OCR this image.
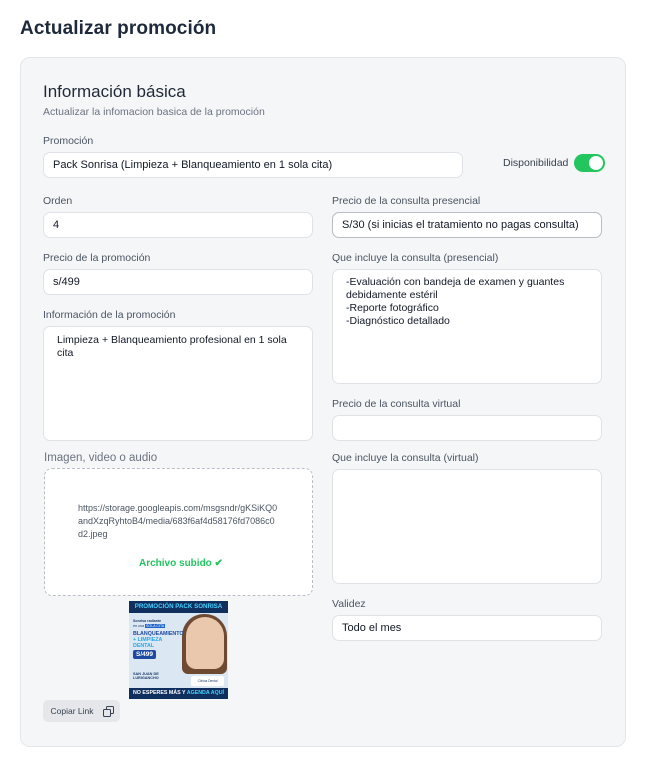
Actualizar promoción
Información básica
Actualizar la infomacion basica de la promoción
Promoción
Pack Sonrisa (Limpieza + Blanqueamiento en 1 sola cita)	Disponibilidad
Orden
4
Precio de la consulta presencial
S/30 (si inicias el tratamiento no pagas consulta)
Precio de la promoción
s/499
Que incluye la consulta (presencial)
-Evaluación con bandeja de examen y guantes debidamente estéril
-Reporte fotográfico
-Diagnóstico detallado
Información de la promoción
Limpieza + Blanqueamiento profesional en 1 sola cita
Precio de la consulta virtual
Imagen, video o audio
https://storage.googleapis.com/msgsndr/gKSiKQ0andXzqRyhtoB4/media/683f6af4d58176fd7086c0d2.jpeg
Archivo subido ✔
Que incluye la consulta (virtual)
Validez
Todo el mes
PROMOCIÓN PACK SONRISA
Sonrisa radiante
en una SOLA CITA
BLANQUEAMIENTO
+ LIMPIEZA DENTAL
S/499
SAN JUAN DE LURIGANCHO
Clínica Dental
NO ESPERES MÁS Y AGENDA AQUÍ
Copiar Link
